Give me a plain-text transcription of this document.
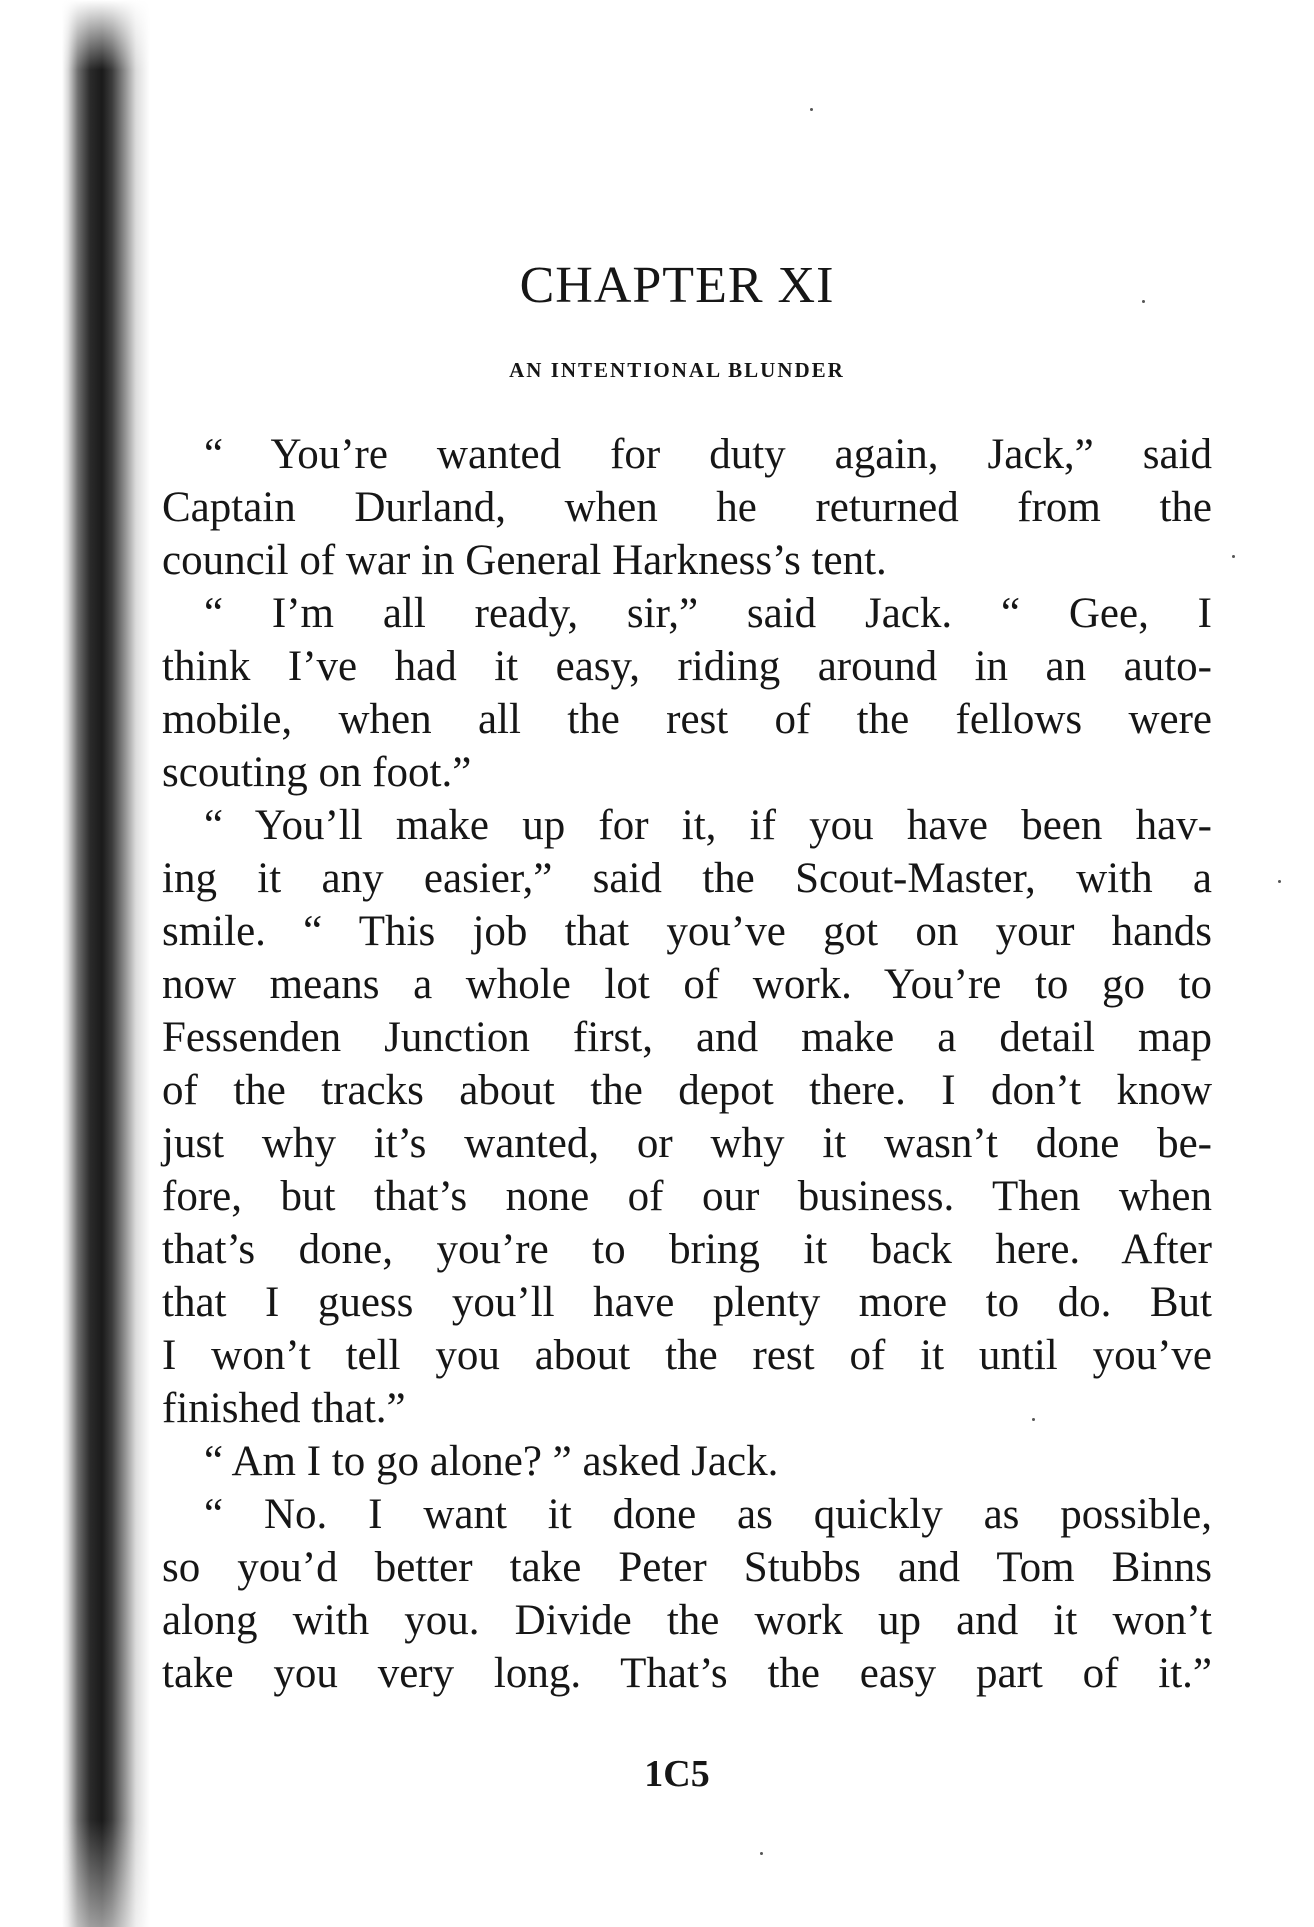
CHAPTER XI
AN INTENTIONAL BLUNDER
“ You’re wanted for duty again, Jack,” said
Captain Durland, when he returned from the
council of war in General Harkness’s tent.
“ I’m all ready, sir,” said Jack. “ Gee, I
think I’ve had it easy, riding around in an auto-
mobile, when all the rest of the fellows were
scouting on foot.”
“ You’ll make up for it, if you have been hav-
ing it any easier,” said the Scout-Master, with a
smile. “ This job that you’ve got on your hands
now means a whole lot of work. You’re to go to
Fessenden Junction first, and make a detail map
of the tracks about the depot there. I don’t know
just why it’s wanted, or why it wasn’t done be-
fore, but that’s none of our business. Then when
that’s done, you’re to bring it back here. After
that I guess you’ll have plenty more to do. But
I won’t tell you about the rest of it until you’ve
finished that.”
“ Am I to go alone? ” asked Jack.
“ No. I want it done as quickly as possible,
so you’d better take Peter Stubbs and Tom Binns
along with you. Divide the work up and it won’t
take you very long. That’s the easy part of it.”
1C5
